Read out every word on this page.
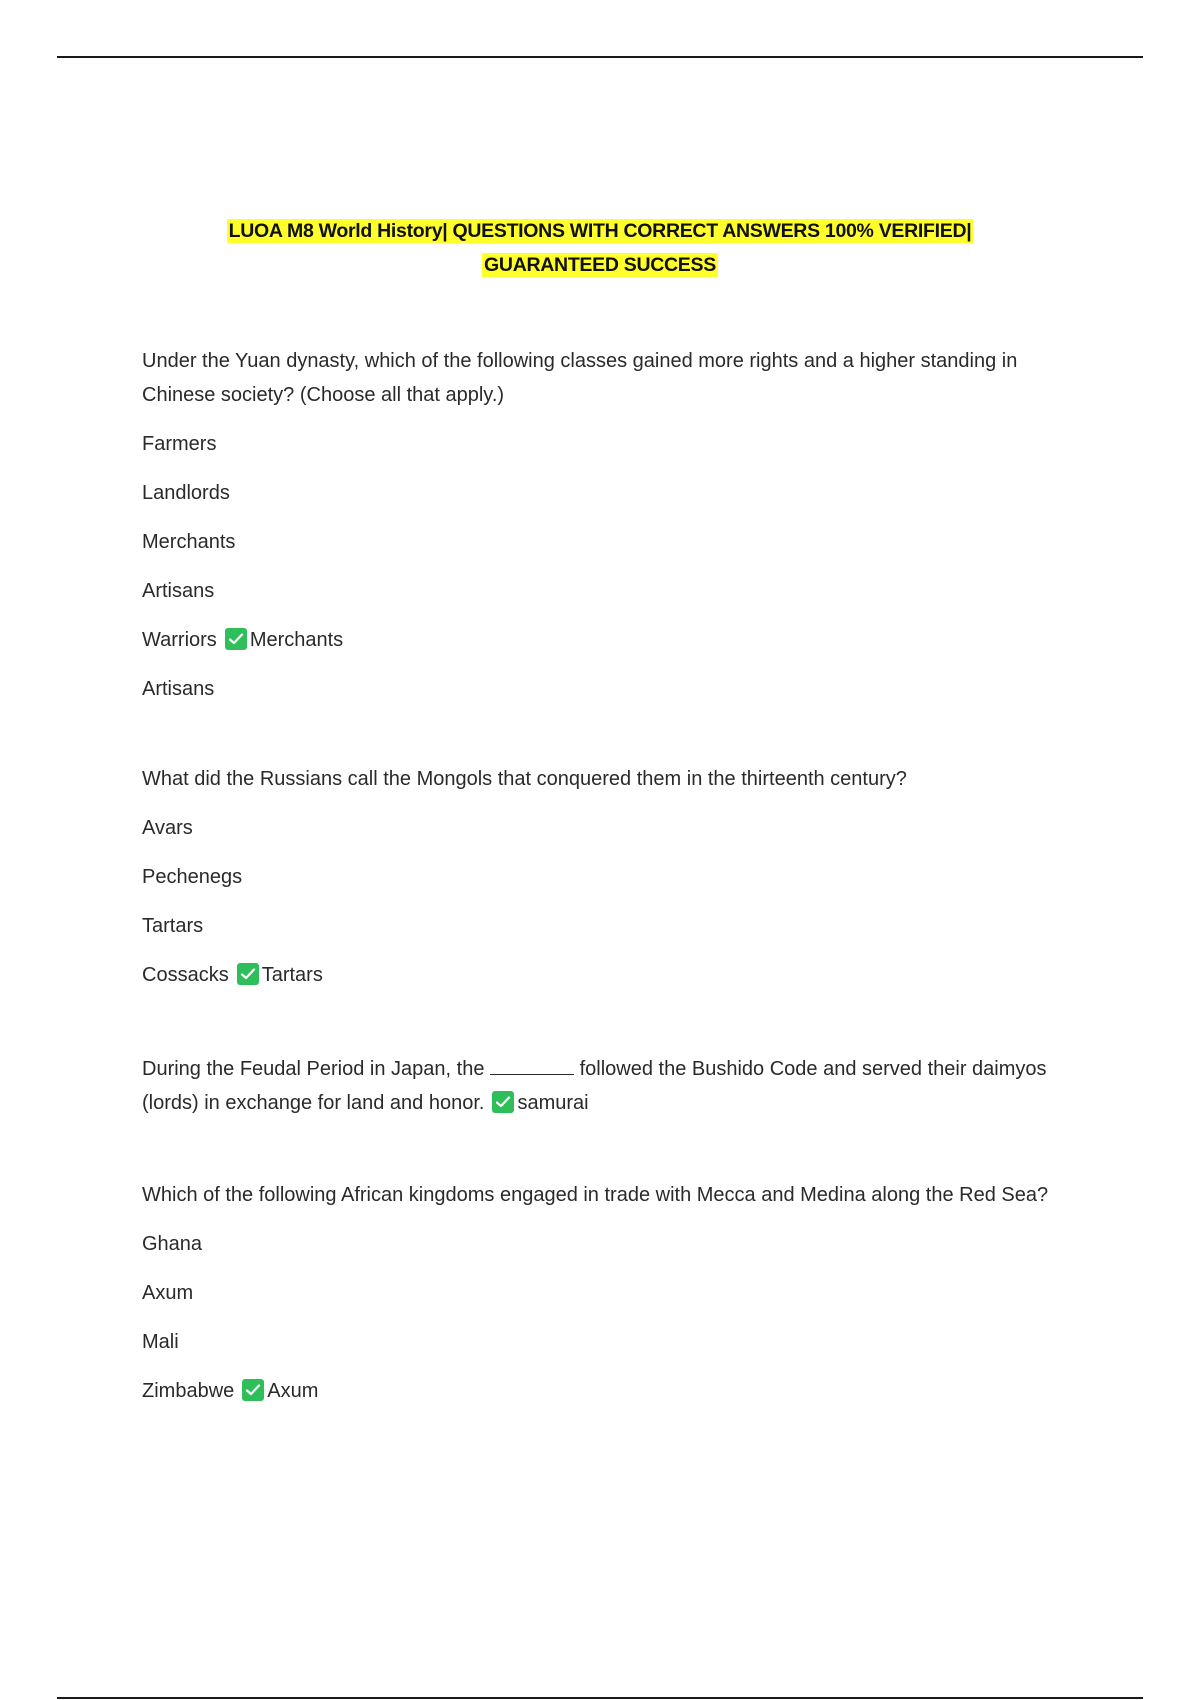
LUOA M8 World History| QUESTIONS WITH CORRECT ANSWERS 100% VERIFIED|
GUARANTEED SUCCESS

Under the Yuan dynasty, which of the following classes gained more rights and a higher standing in Chinese society? (Choose all that apply.)

Farmers
Landlords
Merchants
Artisans
Warriors Merchants
Artisans

What did the Russians call the Mongols that conquered them in the thirteenth century?

Avars
Pechenegs
Tartars
Cossacks Tartars

During the Feudal Period in Japan, the	followed the Bushido Code and served their daimyos (lords) in exchange for land and honor. samurai

Which of the following African kingdoms engaged in trade with Mecca and Medina along the Red Sea?

Ghana
Axum
Mali
Zimbabwe Axum
